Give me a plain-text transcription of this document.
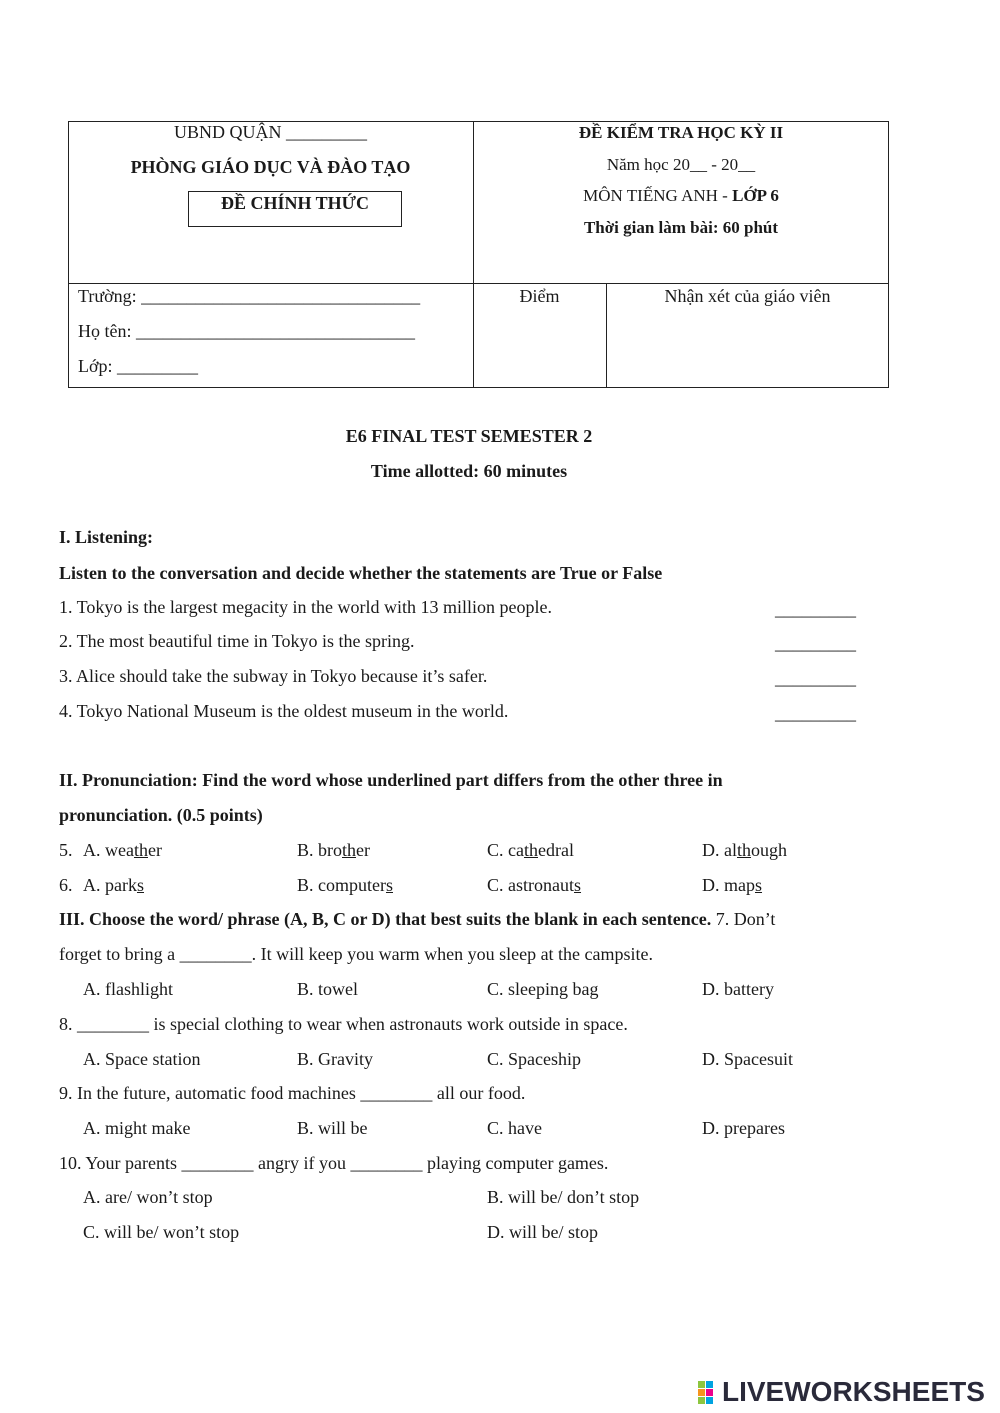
UBND QUẬN _________
PHÒNG GIÁO DỤC VÀ ĐÀO TẠO
ĐỀ CHÍNH THỨC
ĐỀ KIỂM TRA HỌC KỲ II
Năm học 20__ - 20__
MÔN TIẾNG ANH - LỚP 6
Thời gian làm bài: 60 phút
Trường: _______________________________
Họ tên: _______________________________
Lớp: _________
Điểm	Nhận xét của giáo viên
E6 FINAL TEST SEMESTER 2
Time allotted: 60 minutes
I. Listening:
Listen to the conversation and decide whether the statements are True or False
1. Tokyo is the largest megacity in the world with 13 million people.	_________
2. The most beautiful time in Tokyo is the spring.	_________
3. Alice should take the subway in Tokyo because it’s safer.	_________
4. Tokyo National Museum is the oldest museum in the world.	_________
II. Pronunciation: Find the word whose underlined part differs from the other three in
pronunciation. (0.5 points)
5. A. weather	B. brother	C. cathedral	D. although
6. A. parks	B. computers	C. astronauts	D. maps
III. Choose the word/ phrase (A, B, C or D) that best suits the blank in each sentence. 7. Don’t
forget to bring a ________. It will keep you warm when you sleep at the campsite.
A. flashlight	B. towel	C. sleeping bag	D. battery
8. ________ is special clothing to wear when astronauts work outside in space.
A. Space station	B. Gravity	C. Spaceship	D. Spacesuit
9. In the future, automatic food machines ________ all our food.
A. might make	B. will be	C. have	D. prepares
10. Your parents ________ angry if you ________ playing computer games.
A. are/ won’t stop	B. will be/ don’t stop
C. will be/ won’t stop	D. will be/ stop
LIVEWORKSHEETS
